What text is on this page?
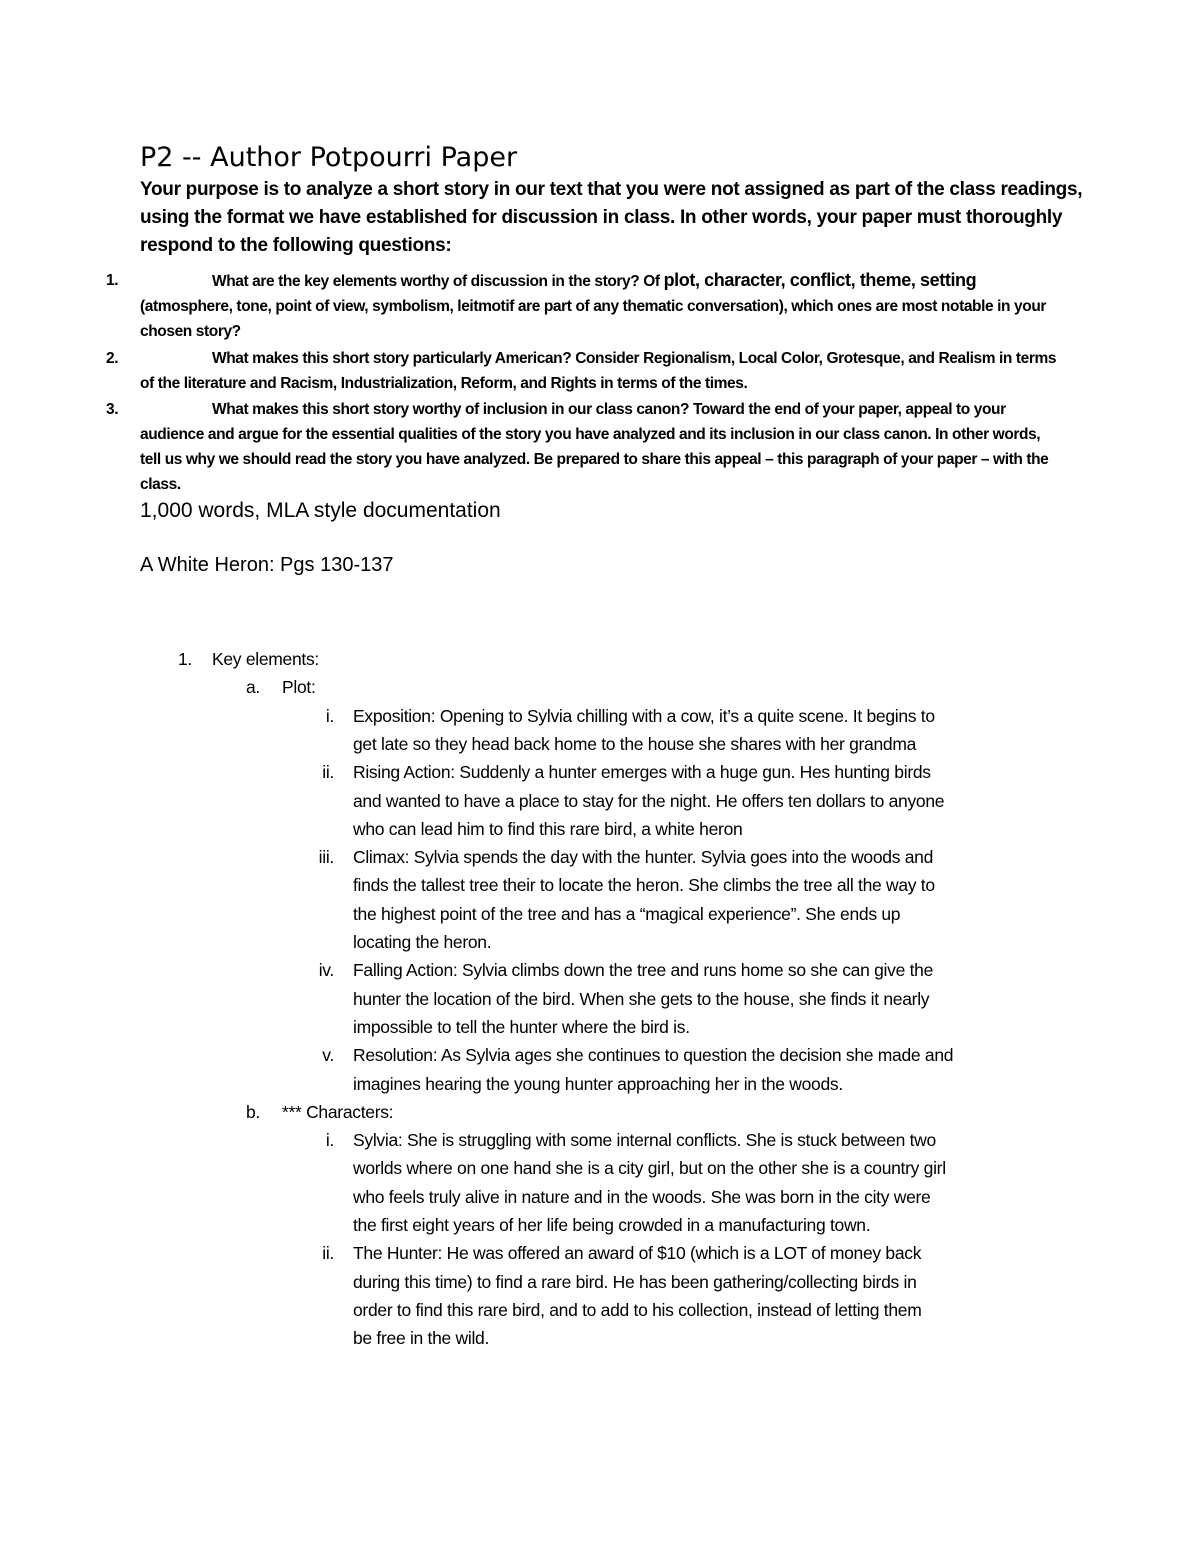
P2 -- Author Potpourri Paper
Your purpose is to analyze a short story in our text that you were not assigned as part of the class readings, using the format we have established for discussion in class. In other words, your paper must thoroughly respond to the following questions:
1.	What are the key elements worthy of discussion in the story? Of plot, character, conflict, theme, setting (atmosphere, tone, point of view, symbolism, leitmotif are part of any thematic conversation), which ones are most notable in your chosen story?
2.	What makes this short story particularly American? Consider Regionalism, Local Color, Grotesque, and Realism in terms of the literature and Racism, Industrialization, Reform, and Rights in terms of the times.
3.	What makes this short story worthy of inclusion in our class canon? Toward the end of your paper, appeal to your audience and argue for the essential qualities of the story you have analyzed and its inclusion in our class canon. In other words, tell us why we should read the story you have analyzed. Be prepared to share this appeal – this paragraph of your paper – with the class.
1,000 words, MLA style documentation
A White Heron: Pgs 130-137
1. Key elements:
a. Plot:
i. Exposition: Opening to Sylvia chilling with a cow, it’s a quite scene. It begins to
get late so they head back home to the house she shares with her grandma
ii. Rising Action: Suddenly a hunter emerges with a huge gun. Hes hunting birds
and wanted to have a place to stay for the night. He offers ten dollars to anyone
who can lead him to find this rare bird, a white heron
iii. Climax: Sylvia spends the day with the hunter. Sylvia goes into the woods and
finds the tallest tree their to locate the heron. She climbs the tree all the way to
the highest point of the tree and has a “magical experience”. She ends up
locating the heron.
iv. Falling Action: Sylvia climbs down the tree and runs home so she can give the
hunter the location of the bird. When she gets to the house, she finds it nearly
impossible to tell the hunter where the bird is.
v. Resolution: As Sylvia ages she continues to question the decision she made and
imagines hearing the young hunter approaching her in the woods.
b. *** Characters:
i. Sylvia: She is struggling with some internal conflicts. She is stuck between two
worlds where on one hand she is a city girl, but on the other she is a country girl
who feels truly alive in nature and in the woods. She was born in the city were
the first eight years of her life being crowded in a manufacturing town.
ii. The Hunter: He was offered an award of $10 (which is a LOT of money back
during this time) to find a rare bird. He has been gathering/collecting birds in
order to find this rare bird, and to add to his collection, instead of letting them
be free in the wild.
